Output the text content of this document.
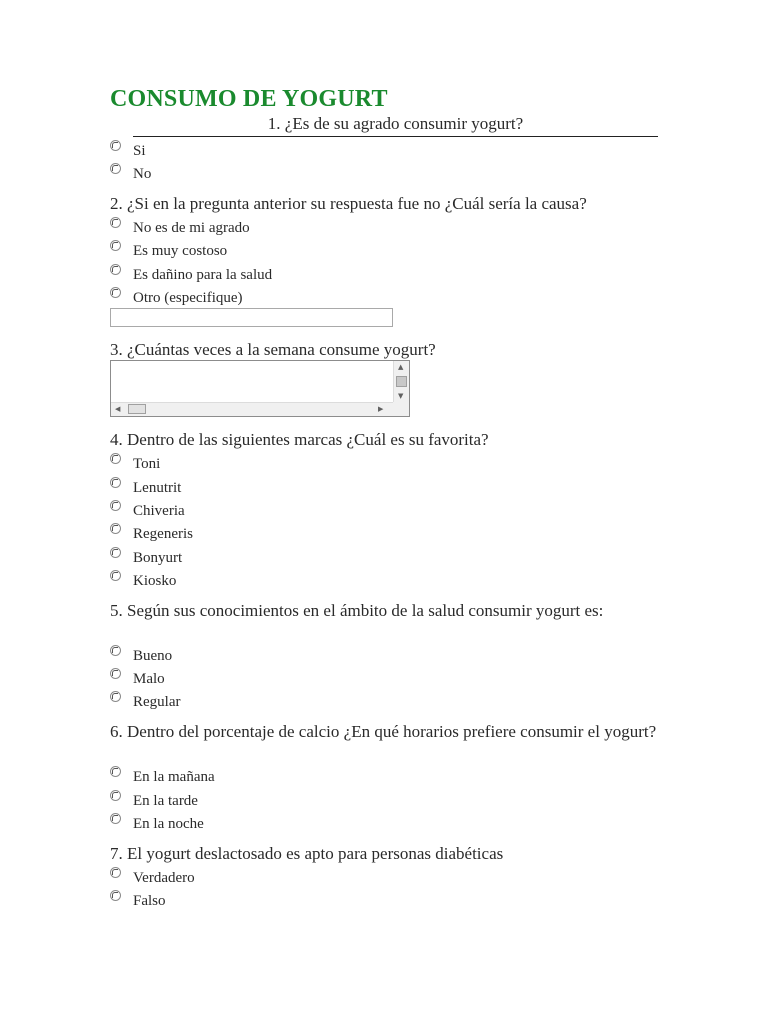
CONSUMO DE YOGURT
1. ¿Es de su agrado consumir yogurt?
Si
No
2. ¿Si en la pregunta anterior su respuesta fue no ¿Cuál sería la causa?
No es de mi agrado
Es muy costoso
Es dañino para la salud
Otro (especifique)
3. ¿Cuántas veces a la semana consume yogurt?
▲
▼
◀	▶
4. Dentro de las siguientes marcas ¿Cuál es su favorita?
Toni
Lenutrit
Chiveria
Regeneris
Bonyurt
Kiosko
5. Según sus conocimientos en el ámbito de la salud consumir yogurt es:
Bueno
Malo
Regular
6. Dentro del porcentaje de calcio ¿En qué horarios prefiere consumir el yogurt?
En la mañana
En la tarde
En la noche
7. El yogurt deslactosado es apto para personas diabéticas
Verdadero
Falso
